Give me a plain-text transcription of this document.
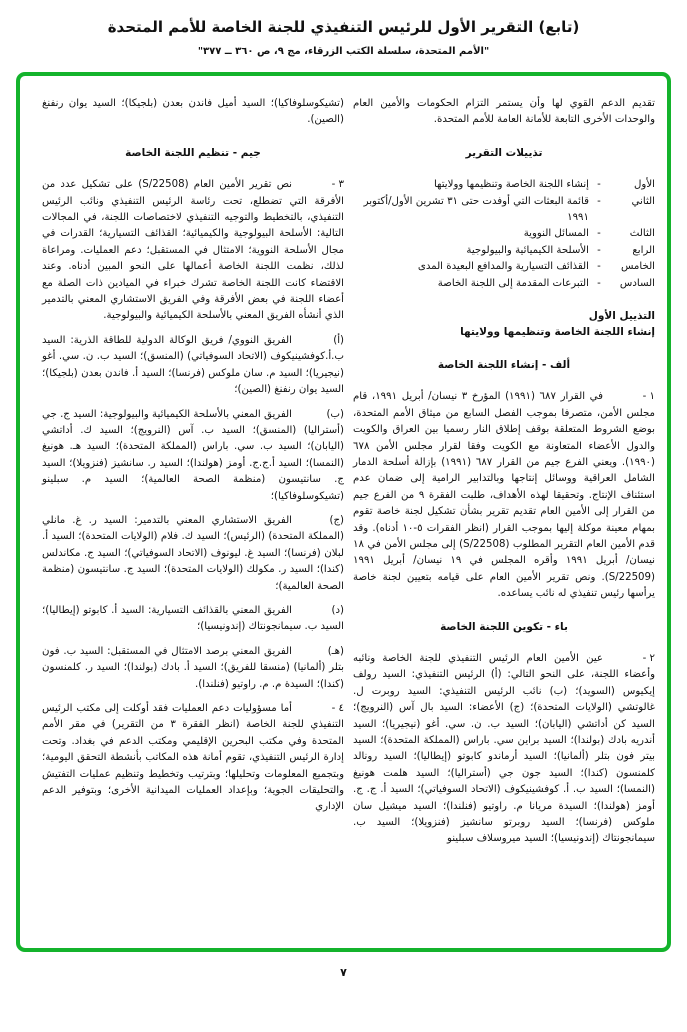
(تابع) التقرير الأول للرئيس التنفيذي للجنة الخاصة للأمم المتحدة
"الأمم المتحدة، سلسلة الكتب الزرقاء، مج ٩، ص ٣٦٠ ــ ٣٧٧"

تقديم الدعم القوي لها وأن يستمر التزام الحكومات والأمين العام والوحدات الأخرى التابعة للأمانة العامة للأمم المتحدة.

تذييلات التقرير

الأول
-
إنشاء اللجنة الخاصة وتنظيمها وولايتها
الثاني
-
قائمة البعثات التي أوفدت حتى ٣١ تشرين الأول/أكتوبر ١٩٩١
الثالث
-
المسائل النووية
الرابع
-
الأسلحة الكيميائية والبيولوجية
الخامس
-
القذائف التسيارية والمدافع البعيدة المدى
السادس
-
التبرعات المقدمة إلى اللجنة الخاصة

التذييل الأول

إنشاء اللجنة الخاصة وتنظيمها وولايتها

ألف - إنشاء اللجنة الخاصة

١ -في القرار ٦٨٧ (١٩٩١) المؤرخ ٣ نيسان/ أبريل ١٩٩١، قام مجلس الأمن، متصرفا بموجب الفصل السابع من ميثاق الأمم المتحدة، بوضع الشروط المتعلقة بوقف إطلاق النار رسميا بين العراق والكويت والدول الأعضاء المتعاونة مع الكويت وفقا لقرار مجلس الأمن ٦٧٨ (١٩٩٠). ويعني الفرع جيم من القرار ٦٨٧ (١٩٩١) بإزالة أسلحة الدمار الشامل العراقية ووسائل إنتاجها وبالتدابير الرامية إلى ضمان عدم استئناف الإنتاج. وتحقيقا لهذه الأهداف، طلبت الفقرة ٩ من الفرع جيم من القرار إلى الأمين العام تقديم تقرير بشأن تشكيل لجنة خاصة تقوم بمهام معينة موكلة إليها بموجب القرار (انظر الفقرات ٥-١٠ أدناه). وقد قدم الأمين العام التقرير المطلوب (S/22508) إلى مجلس الأمن في ١٨ نيسان/ أبريل ١٩٩١ وأقره المجلس في ١٩ نيسان/ أبريل ١٩٩١ (S/22509). ونص تقرير الأمين العام على قيامه بتعيين لجنة خاصة يرأسها رئيس تنفيذي له نائب يساعده.

باء - تكوين اللجنة الخاصة

٢ -عين الأمين العام الرئيس التنفيذي للجنة الخاصة ونائبه وأعضاء اللجنة، على النحو التالي: (أ) الرئيس التنفيذي: السيد رولف إيكيوس (السويد)؛ (ب) نائب الرئيس التنفيذي: السيد روبرت ل. غالوتشي (الولايات المتحدة)؛ (ج) الأعضاء: السيد بال آس (النرويج)؛ السيد كن أداتشي (اليابان)؛ السيد ب. ن. سي. أغو (نيجيريا)؛ السيد أندريه بادك (بولندا)؛ السيد براين سي. باراس (المملكة المتحدة)؛ السيد بيتر فون بتلر (ألمانيا)؛ السيد أرماندو كابوتو (إيطاليا)؛ السيد رونالد كلمنسون (كندا)؛ السيد جون جي (أستراليا)؛ السيد هلمت هونيغ (النمسا)؛ السيد ب. أ. كوفشينيكوف (الاتحاد السوفياتي)؛ السيد أ. ج. ج. أومز (هولندا)؛ السيدة مريانا م. راوتيو (فنلندا)؛ السيد ميشيل سان ملوكس (فرنسا)؛ السيد روبرتو سانشيز (فنزويلا)؛ السيد ب. سيمانجونتاك (إندونيسيا)؛ السيد ميروسلاف سبلينو

(تشيكوسلوفاكيا)؛ السيد أميل فاندن بعدن (بلجيكا)؛ السيد يوان رنفنغ (الصين).

جيم - تنظيم اللجنة الخاصة

٣ -نص تقرير الأمين العام (S/22508) على تشكيل عدد من الأفرقة التي تضطلع، تحت رئاسة الرئيس التنفيذي ونائب الرئيس التنفيذي، بالتخطيط والتوجيه التنفيذي لاختصاصات اللجنة، في المجالات التالية: الأسلحة البيولوجية والكيميائية؛ القذائف التسيارية؛ القدرات في مجال الأسلحة النووية؛ الامتثال في المستقبل؛ دعم العمليات. ومراعاة لذلك، نظمت اللجنة الخاصة أعمالها على النحو المبين أدناه. وعند الاقتضاء كانت اللجنة الخاصة تشرك خبراء في الميادين ذات الصلة مع أعضاء اللجنة في بعض الأفرقة وفي الفريق الاستشاري المعني بالتدمير الذي أنشأه الفريق المعني بالأسلحة الكيميائية والبيولوجية.

(أ)الفريق النووي/ فريق الوكالة الدولية للطاقة الذرية: السيد ب.أ.كوفشينيكوف (الاتحاد السوفياتي) (المنسق)؛ السيد ب. ن. سي. أغو (نيجيريا)؛ السيد م. سان ملوكس (فرنسا)؛ السيد أ. فاندن بعدن (بلجيكا)؛ السيد يوان رنفنغ (الصين)؛

(ب)الفريق المعني بالأسلحة الكيميائية والبيولوجية: السيد ج. جي (أستراليا) (المنسق)؛ السيد ب. آس (النرويج)؛ السيد ك. أداتشي (اليابان)؛ السيد ب. سي. باراس (المملكة المتحدة)؛ السيد هـ. هونيغ (النمسا)؛ السيد أ.ج.ج. أومز (هولندا)؛ السيد ر. سانشيز (فنزويلا)؛ السيد ج. سانتيسون (منظمة الصحة العالمية)؛ السيد م. سبلينو (تشيكوسلوفاكيا)؛

(ج)الفريق الاستشاري المعني بالتدمير: السيد ر. غ. مانلي (المملكة المتحدة) (الرئيس)؛ السيد ك. فلام (الولايات المتحدة)؛ السيد أ. لبلان (فرنسا)؛ السيد غ. ليونوف (الاتحاد السوفياتي)؛ السيد ج. مكاندلس (كندا)؛ السيد ر. مكولك (الولايات المتحدة)؛ السيد ج. سانتيسون (منظمة الصحة العالمية)؛

(د)الفريق المعني بالقذائف التسيارية: السيد أ. كابوتو (إيطاليا)؛ السيد ب. سيمانجونتاك (إندونيسيا)؛

(هـ)الفريق المعني برصد الامتثال في المستقبل: السيد ب. فون بتلر (ألمانيا) (منسقا للفريق)؛ السيد أ. بادك (بولندا)؛ السيد ر. كلمنسون (كندا)؛ السيدة م. م. راوتيو (فنلندا).

٤ -أما مسؤوليات دعم العمليات فقد أوكلت إلى مكتب الرئيس التنفيذي للجنة الخاصة (انظر الفقرة ٣ من التقرير) في مقر الأمم المتحدة وفي مكتب البحرين الإقليمي ومكتب الدعم في بغداد. وتحت إدارة الرئيس التنفيذي، تقوم أمانة هذه المكاتب بأنشطة التحقق اليومية؛ وبتجميع المعلومات وتحليلها؛ وبترتيب وتخطيط وتنظيم عمليات التفتيش والتحليقات الجوية؛ وبإعداد العمليات الميدانية الأخرى؛ وبتوفير الدعم الإداري

٧
